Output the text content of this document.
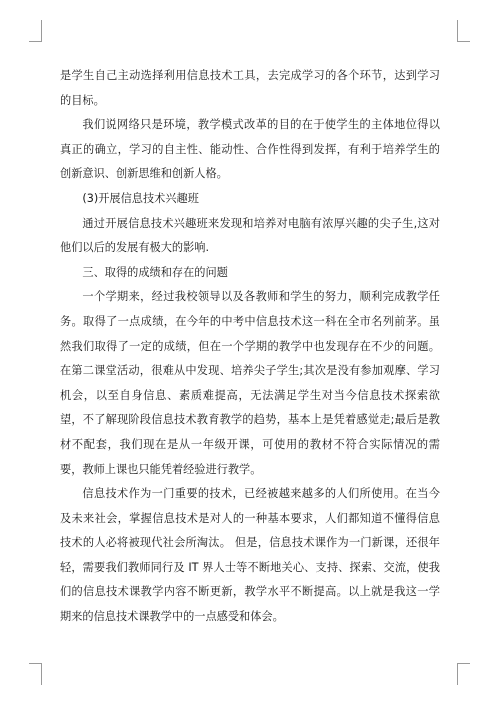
是学生自己主动选择利用信息技术工具，去完成学习的各个环节，达到学习的目标。

我们说网络只是环境，教学模式改革的目的在于使学生的主体地位得以真正的确立，学习的自主性、能动性、合作性得到发挥，有利于培养学生的创新意识、创新思维和创新人格。

(3)开展信息技术兴趣班

通过开展信息技术兴趣班来发现和培养对电脑有浓厚兴趣的尖子生,这对他们以后的发展有极大的影响.

三、取得的成绩和存在的问题

一个学期来，经过我校领导以及各教师和学生的努力，顺利完成教学任务。取得了一点成绩，在今年的中考中信息技术这一科在全市名列前茅。虽然我们取得了一定的成绩，但在一个学期的教学中也发现存在不少的问题。在第二课堂活动，很难从中发现、培养尖子学生;其次是没有参加观摩、学习机会，以至自身信息、素质难提高，无法满足学生对当今信息技术探索欲望，不了解现阶段信息技术教育教学的趋势，基本上是凭着感觉走;最后是教材不配套，我们现在是从一年级开课，可使用的教材不符合实际情况的需要，教师上课也只能凭着经验进行教学。

信息技术作为一门重要的技术，已经被越来越多的人们所使用。在当今及未来社会，掌握信息技术是对人的一种基本要求，人们都知道不懂得信息技术的人必将被现代社会所淘汰。 但是，信息技术课作为一门新课，还很年轻，需要我们教师同行及 IT 界人士等不断地关心、支持、探索、交流，使我们的信息技术课教学内容不断更新，教学水平不断提高。以上就是我这一学期来的信息技术课教学中的一点感受和体会。
